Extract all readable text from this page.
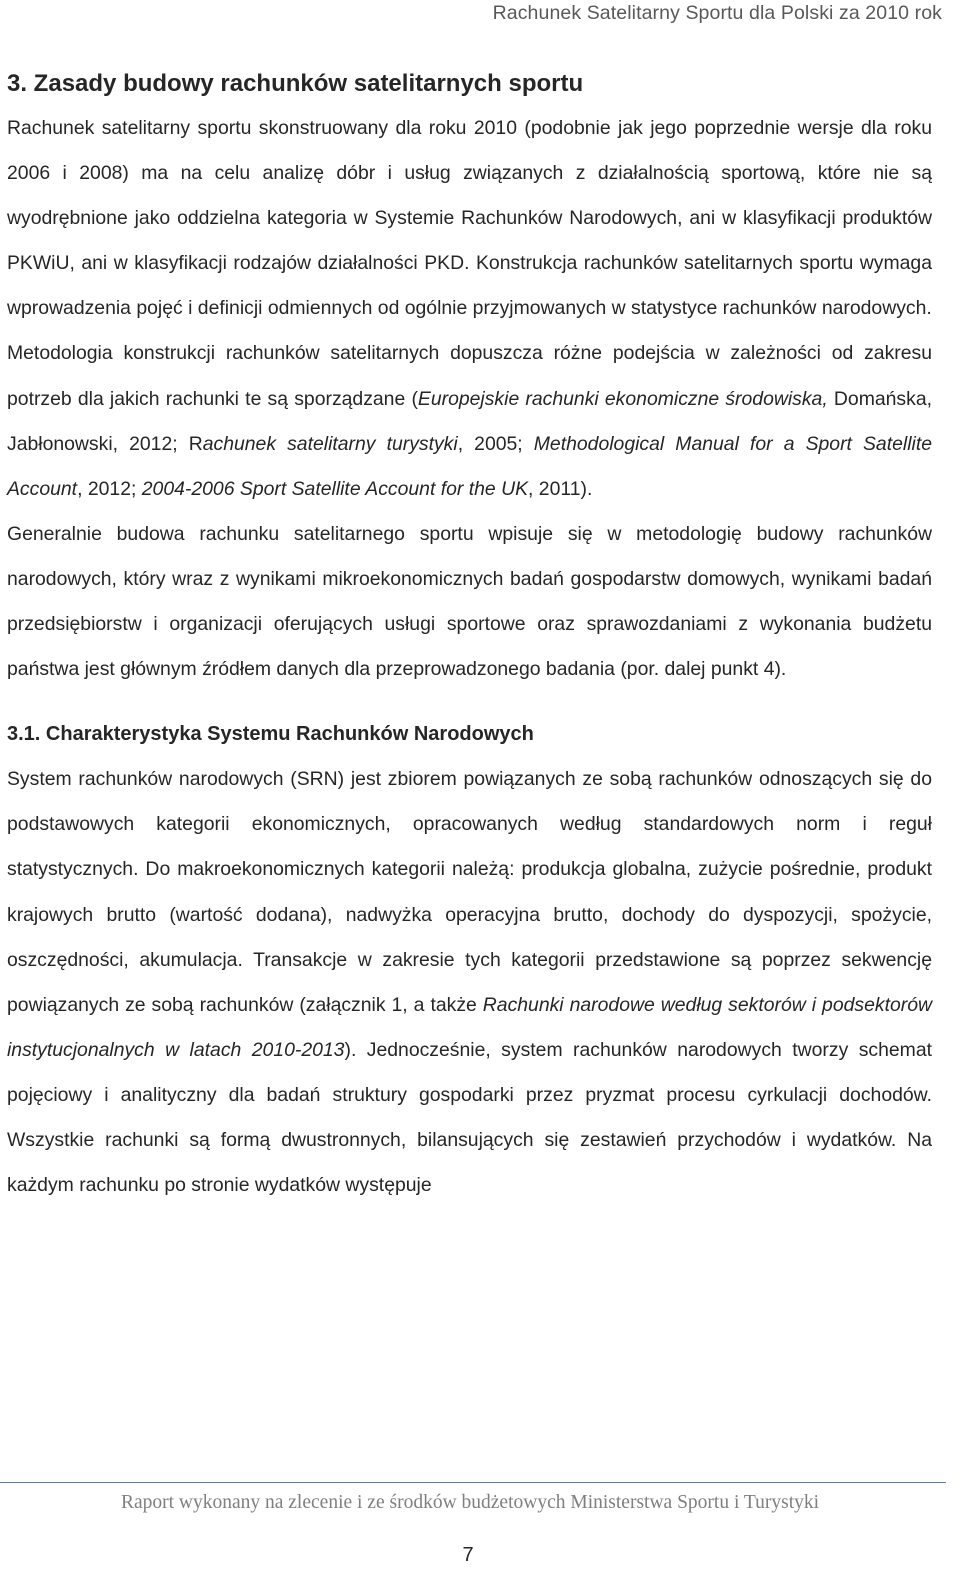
Rachunek Satelitarny Sportu dla Polski za 2010 rok
3. Zasady budowy rachunków satelitarnych sportu

Rachunek satelitarny sportu skonstruowany dla roku 2010 (podobnie jak jego poprzednie wersje dla roku 2006 i 2008) ma na celu analizę dóbr i usług związanych z działalnością sportową, które nie są wyodrębnione jako oddzielna kategoria w Systemie Rachunków Narodowych, ani w klasyfikacji produktów PKWiU, ani w klasyfikacji rodzajów działalności PKD. Konstrukcja rachunków satelitarnych sportu wymaga wprowadzenia pojęć i definicji odmiennych od ogólnie przyjmowanych w statystyce rachunków narodowych.

Metodologia konstrukcji rachunków satelitarnych dopuszcza różne podejścia w zależności od zakresu potrzeb dla jakich rachunki te są sporządzane (Europejskie rachunki ekonomiczne środowiska, Domańska, Jabłonowski, 2012; Rachunek satelitarny turystyki, 2005; Methodological Manual for a Sport Satellite Account, 2012; 2004-2006 Sport Satellite Account for the UK, 2011).

Generalnie budowa rachunku satelitarnego sportu wpisuje się w metodologię budowy rachunków narodowych, który wraz z wynikami mikroekonomicznych badań gospodarstw domowych, wynikami badań przedsiębiorstw i organizacji oferujących usługi sportowe oraz sprawozdaniami z wykonania budżetu państwa jest głównym źródłem danych dla przeprowadzonego badania (por. dalej punkt 4).

3.1. Charakterystyka Systemu Rachunków Narodowych

System rachunków narodowych (SRN) jest zbiorem powiązanych ze sobą rachunków odnoszących się do podstawowych kategorii ekonomicznych, opracowanych według standardowych norm i reguł statystycznych. Do makroekonomicznych kategorii należą: produkcja globalna, zużycie pośrednie, produkt krajowych brutto (wartość dodana), nadwyżka operacyjna brutto, dochody do dyspozycji, spożycie, oszczędności, akumulacja. Transakcje w zakresie tych kategorii przedstawione są poprzez sekwencję powiązanych ze sobą rachunków (załącznik 1, a także Rachunki narodowe według sektorów i podsektorów instytucjonalnych w latach 2010-2013). Jednocześnie, system rachunków narodowych tworzy schemat pojęciowy i analityczny dla badań struktury gospodarki przez pryzmat procesu cyrkulacji dochodów. Wszystkie rachunki są formą dwustronnych, bilansujących się zestawień przychodów i wydatków. Na każdym rachunku po stronie wydatków występuje

Raport wykonany na zlecenie i ze środków budżetowych Ministerstwa Sportu i Turystyki
7
